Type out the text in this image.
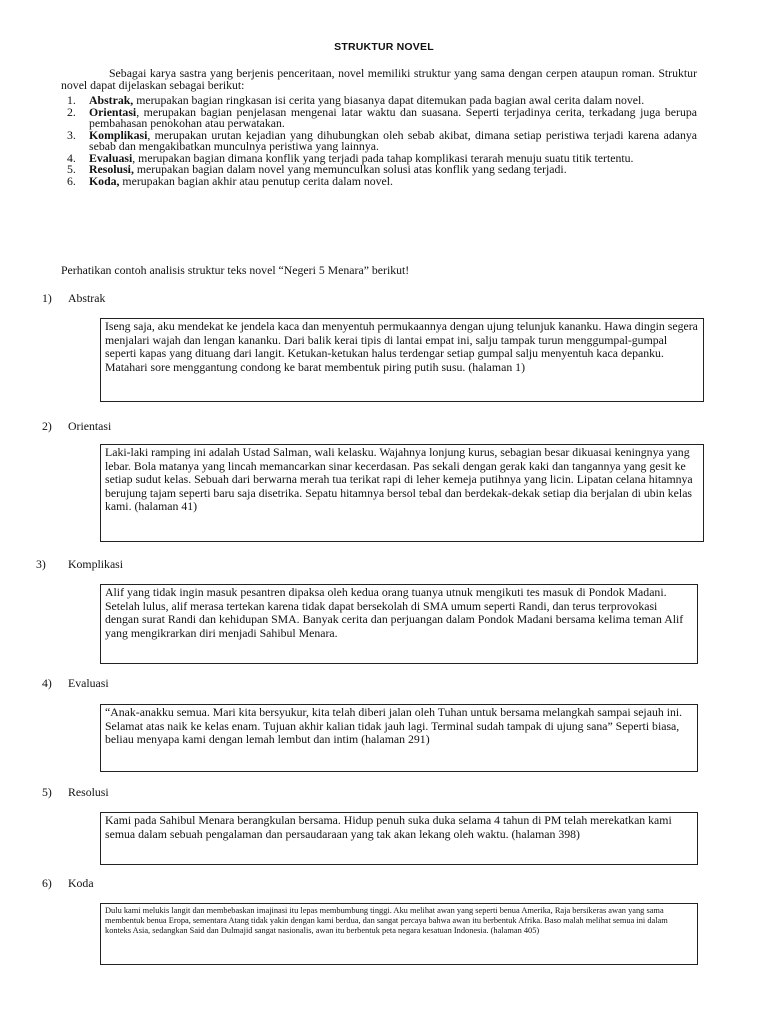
STRUKTUR NOVEL

Sebagai karya sastra yang berjenis penceritaan, novel memiliki struktur yang sama dengan cerpen ataupun roman. Struktur novel dapat dijelaskan sebagai berikut:

1. Abstrak, merupakan bagian ringkasan isi cerita yang biasanya dapat ditemukan pada bagian awal cerita dalam novel.
2. Orientasi, merupakan bagian penjelasan mengenai latar waktu dan suasana. Seperti terjadinya cerita, terkadang juga berupa pembahasan penokohan atau perwatakan.
3. Komplikasi, merupakan urutan kejadian yang dihubungkan oleh sebab akibat, dimana setiap peristiwa terjadi karena adanya sebab dan mengakibatkan munculnya peristiwa yang lainnya.
4. Evaluasi, merupakan bagian dimana konflik yang terjadi pada tahap komplikasi terarah menuju suatu titik tertentu.
5. Resolusi, merupakan bagian dalam novel yang memunculkan solusi atas konflik yang sedang terjadi.
6. Koda, merupakan bagian akhir atau penutup cerita dalam novel.

Perhatikan contoh analisis struktur teks novel “Negeri 5 Menara” berikut!

1) Abstrak
Iseng saja, aku mendekat ke jendela kaca dan menyentuh permukaannya dengan ujung telunjuk kananku. Hawa dingin segera menjalari wajah dan lengan kananku. Dari balik kerai tipis di lantai empat ini, salju tampak turun menggumpal-gumpal seperti kapas yang dituang dari langit. Ketukan-ketukan halus terdengar setiap gumpal salju menyentuh kaca depanku. Matahari sore menggantung condong ke barat membentuk piring putih susu. (halaman 1)
2) Orientasi
Laki-laki ramping ini adalah Ustad Salman, wali kelasku. Wajahnya lonjung kurus, sebagian besar dikuasai keningnya yang lebar. Bola matanya yang lincah memancarkan sinar kecerdasan. Pas sekali dengan gerak kaki dan tangannya yang gesit ke setiap sudut kelas. Sebuah dari berwarna merah tua terikat rapi di leher kemeja putihnya yang licin. Lipatan celana hitamnya berujung tajam seperti baru saja disetrika. Sepatu hitamnya bersol tebal dan berdekak-dekak setiap dia berjalan di ubin kelas kami. (halaman 41)
3) Komplikasi
Alif yang tidak ingin masuk pesantren dipaksa oleh kedua orang tuanya utnuk mengikuti tes masuk di Pondok Madani. Setelah lulus, alif merasa tertekan karena tidak dapat bersekolah di SMA umum seperti Randi, dan terus terprovokasi dengan surat Randi dan kehidupan SMA. Banyak cerita dan perjuangan dalam Pondok Madani bersama kelima teman Alif yang mengikrarkan diri menjadi Sahibul Menara.
4) Evaluasi
“Anak-anakku semua. Mari kita bersyukur, kita telah diberi jalan oleh Tuhan untuk bersama melangkah sampai sejauh ini. Selamat atas naik ke kelas enam. Tujuan akhir kalian tidak jauh lagi. Terminal sudah tampak di ujung sana” Seperti biasa, beliau menyapa kami dengan lemah lembut dan intim (halaman 291)
5) Resolusi
Kami pada Sahibul Menara berangkulan bersama. Hidup penuh suka duka selama 4 tahun di PM telah merekatkan kami semua dalam sebuah pengalaman dan persaudaraan yang tak akan lekang oleh waktu. (halaman 398)
6) Koda
Dulu kami melukis langit dan membebaskan imajinasi itu lepas membumbung tinggi. Aku melihat awan yang seperti benua Amerika, Raja bersikeras awan yang sama membentuk benua Eropa, sementara Atang tidak yakin dengan kami berdua, dan sangat percaya bahwa awan itu berbentuk Afrika. Baso malah melihat semua ini dalam konteks Asia, sedangkan Said dan Dulmajid sangat nasionalis, awan itu berbentuk peta negara kesatuan Indonesia. (halaman 405)
